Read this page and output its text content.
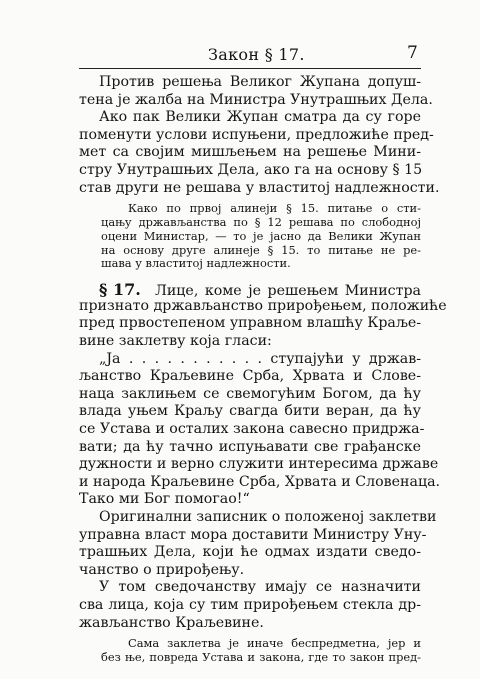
Закон § 17.	7
Против решења Великог Жупана допуш-
тена је жалба на Министра Унутрашњих Дела.
Ако пак Велики Жупан сматра да су горе
поменути услови испуњени, предложиће пред-
мет са својим мишљењем на решење Мини-
стру Унутрашњих Дела, ако га на основу § 15
став други не решава у властитој надлежности.
Како по првој алинеји § 15. питање о сти-
цању држављанства по § 12 решава по слободној
оцени Министар, — то је јасно да Велики Жупан
на основу друге алинеје § 15. то питање не ре-
шава у властитој надлежности.
§ 17. Лице, коме је решењем Министра
признато држављанство прирођењем, положиће
пред првостепеном управном влашћу Краље-
вине заклетву која гласи:
„Ја . . . . . . . . . . . ступајући у држав-
љанство Краљевине Срба, Хрвата и Слове-
наца заклињем се свемогућим Богом, да ћу
влада уњем Краљу свагда бити веран, да ћу
се Устава и осталих закона савесно придржа-
вати; да ћу тачно испуњавати све грађанске
дужности и верно служити интересима државе
и народа Краљевине Срба, Хрвата и Словенаца.
Тако ми Бог помогао!“
Оригинални записник о положеној заклетви
управна власт мора доставити Министру Уну-
трашњих Дела, који ће одмах издати сведо-
чанство о прирођењу.
У том сведочанству имају се назначити
сва лица, која су тим прирођењем стекла др-
жављанство Краљевине.
Сама заклетва је иначе беспредметна, јер и
без ње, повреда Устава и закона, где то закон пред-
